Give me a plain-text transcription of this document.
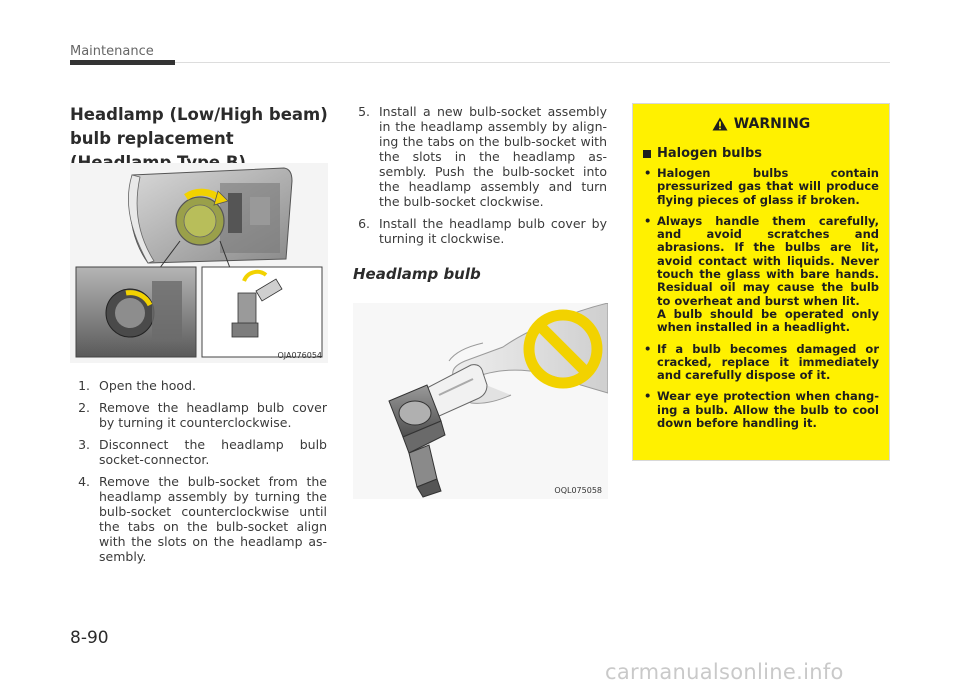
Maintenance
Headlamp (Low/High beam) bulb replacement
OJA076054
1. Open the hood.
2. Remove the headlamp bulb cover by turning it counterclockwise.
3. Disconnect the headlamp bulb socket-connector.
4. Remove the bulb-socket from the headlamp assembly by turning the bulb-socket counterclockwise until the tabs on the bulb-socket align with the slots on the headlamp as-sembly.
5. Install a new bulb-socket assembly in the headlamp assembly by align-ing the tabs on the bulb-socket with the slots in the headlamp as-sembly. Push the bulb-socket into the headlamp assembly and turn the bulb-socket clockwise.
6. Install the headlamp bulb cover by turning it clockwise.
Headlamp bulb
OQL075058
WARNING
Halogen bulbs
• Halogen bulbs contain pressurized gas that will produce flying pieces of glass if broken.
• Always handle them carefully, and avoid scratches and abrasions. If the bulbs are lit, avoid contact with liquids. Never touch the glass with bare hands. Residual oil may cause the bulb to overheat and burst when lit.
A bulb should be operated only when installed in a headlight.
• If a bulb becomes damaged or cracked, replace it immediately and carefully dispose of it.
• Wear eye protection when chang-ing a bulb. Allow the bulb to cool down before handling it.
8-90
carmanualsonline.info
